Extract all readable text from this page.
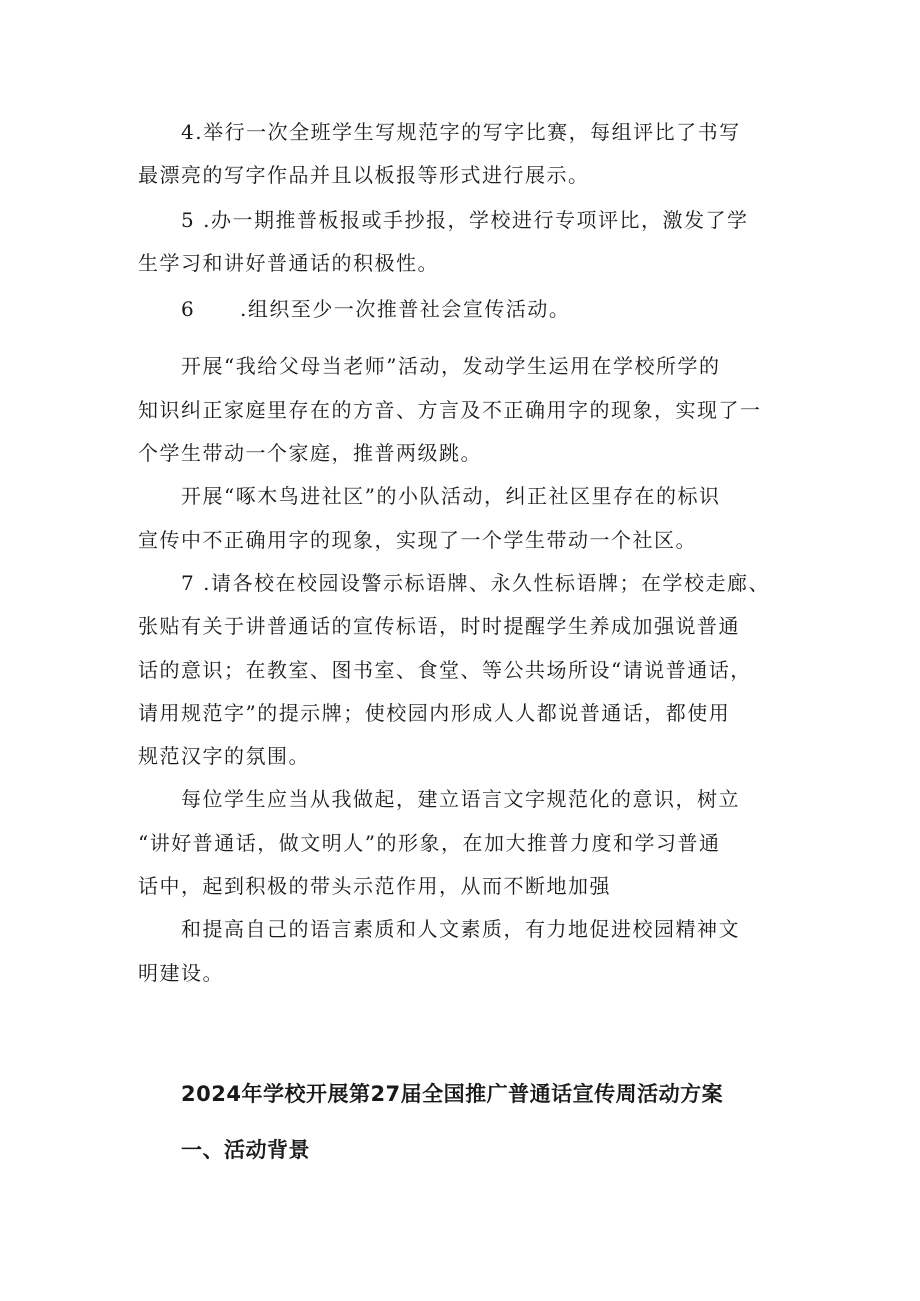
4.举行一次全班学生写规范字的写字比赛，每组评比了书写
最漂亮的写字作品并且以板报等形式进行展示。
5 .办一期推普板报或手抄报，学校进行专项评比，激发了学
生学习和讲好普通话的积极性。
6 .组织至少一次推普社会宣传活动。
开展“我给父母当老师”活动，发动学生运用在学校所学的
知识纠正家庭里存在的方音、方言及不正确用字的现象，实现了一
个学生带动一个家庭，推普两级跳。
开展“啄木鸟进社区”的小队活动，纠正社区里存在的标识
宣传中不正确用字的现象，实现了一个学生带动一个社区。
7 .请各校在校园设警示标语牌、永久性标语牌；在学校走廊、
张贴有关于讲普通话的宣传标语，时时提醒学生养成加强说普通
话的意识；在教室、图书室、食堂、等公共场所设“请说普通话，
请用规范字”的提示牌；使校园内形成人人都说普通话，都使用
规范汉字的氛围。
每位学生应当从我做起，建立语言文字规范化的意识，树立
“讲好普通话，做文明人”的形象，在加大推普力度和学习普通
话中，起到积极的带头示范作用，从而不断地加强
和提高自己的语言素质和人文素质，有力地促进校园精神文
明建设。
2024年学校开展第27届全国推广普通话宣传周活动方案
一、活动背景
